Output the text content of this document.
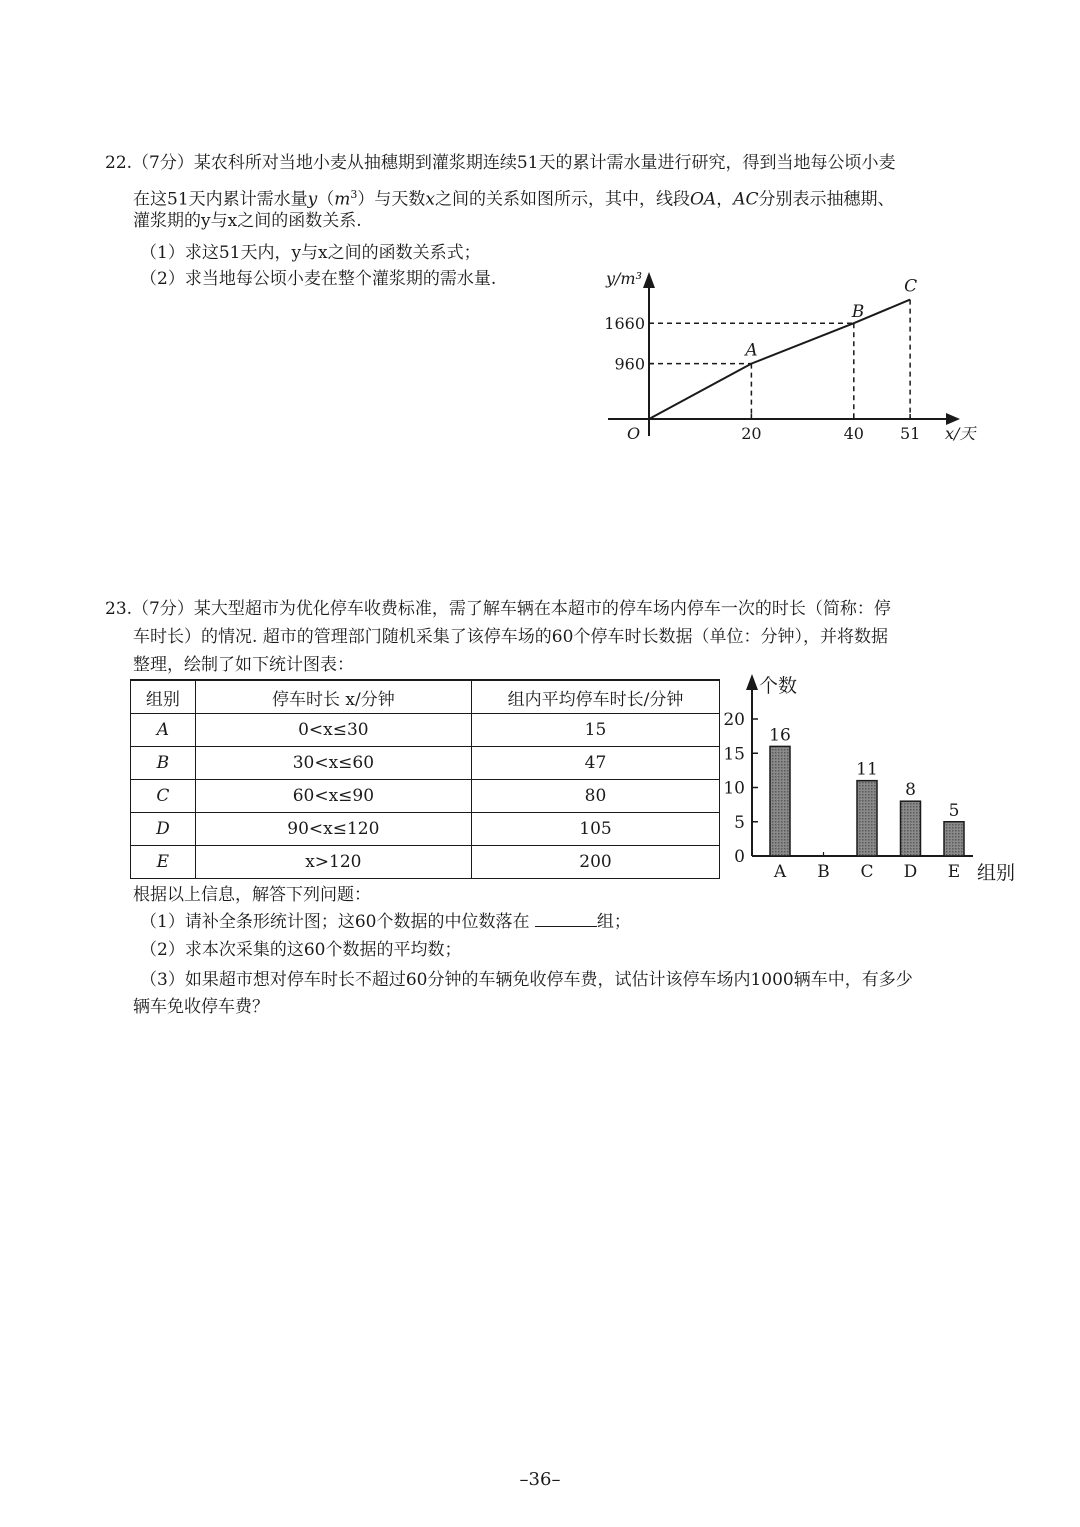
22.（7分）某农科所对当地小麦从抽穗期到灌浆期连续51天的累计需水量进行研究，得到当地每公顷小麦

在这51天内累计需水量$y(m^3)$与天数x之间的关系如图所示，其中，线段OA，AC分别表示抽穗期、

灌浆期的y与x之间的函数关系.

（1）求这51天内，y与x之间的函数关系式；

（2）求当地每公顷小麦在整个灌浆期的需水量.	y/m³
x/天
O
A
B
C
20	40 51
960
1660

23.（7分）某大型超市为优化停车收费标准，需了解车辆在本超市的停车场内停车一次的时长（简称：停

车时长）的情况. 超市的管理部门随机采集了该停车场的60个停车时长数据（单位：分钟），并将数据

整理，绘制了如下统计图表：

组别	停车时长 x/分钟	组内平均停车时长/分钟
A	0<x≤30	15
B	30<x≤60	47
C	60<x≤90	80
D	90<x≤120	105
E	x>120	200
个数
组别
0
5
10
15
20
A
16
B C
11
D
8
E
5

根据以上信息，解答下列问题：

（1）请补全条形统计图；这60个数据的中位数落在	组；

（2）求本次采集的这60个数据的平均数；

（3）如果超市想对停车时长不超过60分钟的车辆免收停车费，试估计该停车场内1000辆车中，有多少

辆车免收停车费？

–36–
